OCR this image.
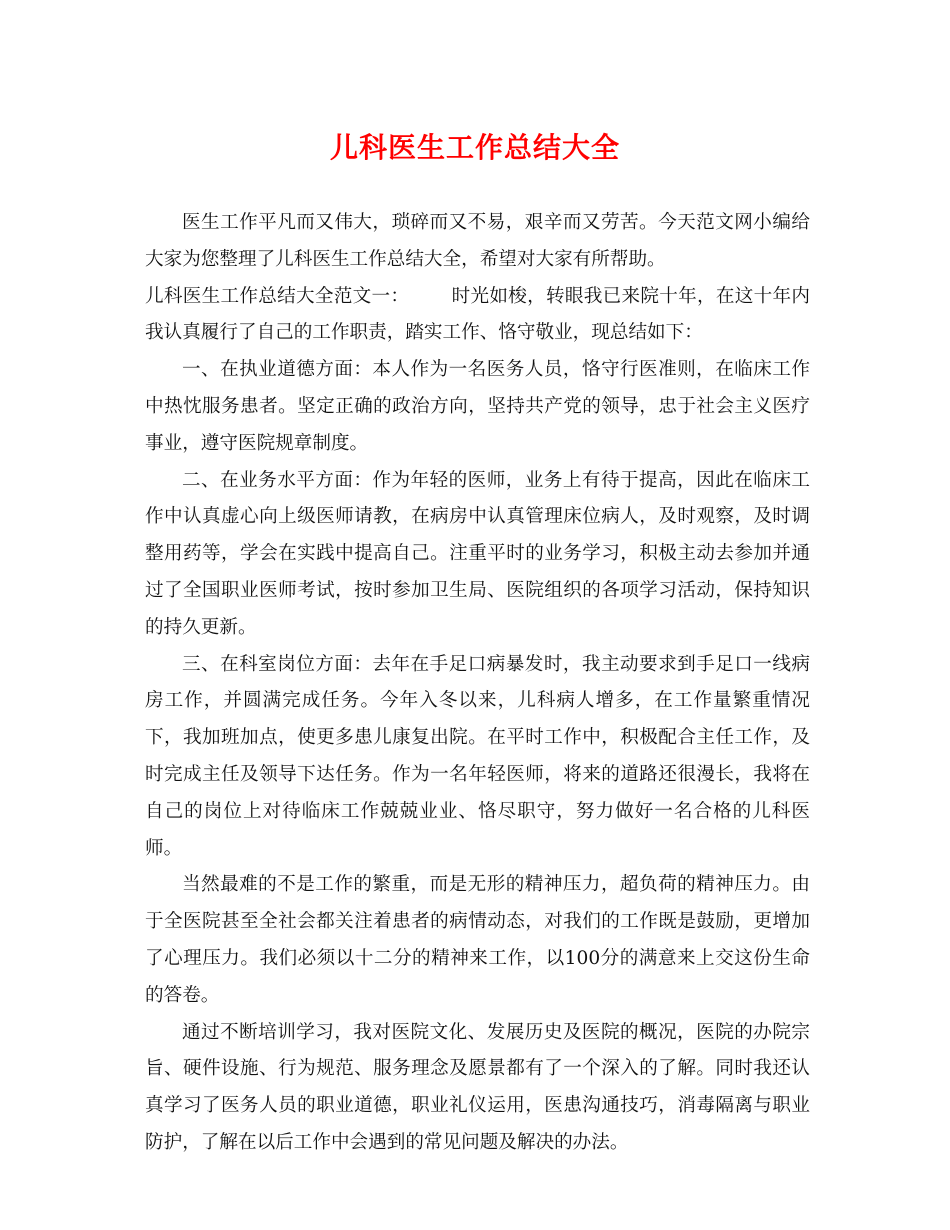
儿科医生工作总结大全

医生工作平凡而又伟大，琐碎而又不易，艰辛而又劳苦。今天范文网小编给大家为您整理了儿科医生工作总结大全，希望对大家有所帮助。

儿科医生工作总结大全范文一： 时光如梭，转眼我已来院十年，在这十年内我认真履行了自己的工作职责，踏实工作、恪守敬业，现总结如下：

一、在执业道德方面：本人作为一名医务人员，恪守行医准则，在临床工作中热忱服务患者。坚定正确的政治方向，坚持共产党的领导，忠于社会主义医疗事业，遵守医院规章制度。

二、在业务水平方面：作为年轻的医师，业务上有待于提高，因此在临床工作中认真虚心向上级医师请教，在病房中认真管理床位病人，及时观察，及时调整用药等，学会在实践中提高自己。注重平时的业务学习，积极主动去参加并通过了全国职业医师考试，按时参加卫生局、医院组织的各项学习活动，保持知识的持久更新。

三、在科室岗位方面：去年在手足口病暴发时，我主动要求到手足口一线病房工作，并圆满完成任务。今年入冬以来，儿科病人增多，在工作量繁重情况下，我加班加点，使更多患儿康复出院。在平时工作中，积极配合主任工作，及时完成主任及领导下达任务。作为一名年轻医师，将来的道路还很漫长，我将在自己的岗位上对待临床工作兢兢业业、恪尽职守，努力做好一名合格的儿科医师。

当然最难的不是工作的繁重，而是无形的精神压力，超负荷的精神压力。由于全医院甚至全社会都关注着患者的病情动态，对我们的工作既是鼓励，更增加了心理压力。我们必须以十二分的精神来工作，以100分的满意来上交这份生命的答卷。

通过不断培训学习，我对医院文化、发展历史及医院的概况，医院的办院宗旨、硬件设施、行为规范、服务理念及愿景都有了一个深入的了解。同时我还认真学习了医务人员的职业道德，职业礼仪运用，医患沟通技巧，消毒隔离与职业防护，了解在以后工作中会遇到的常见问题及解决的办法。
